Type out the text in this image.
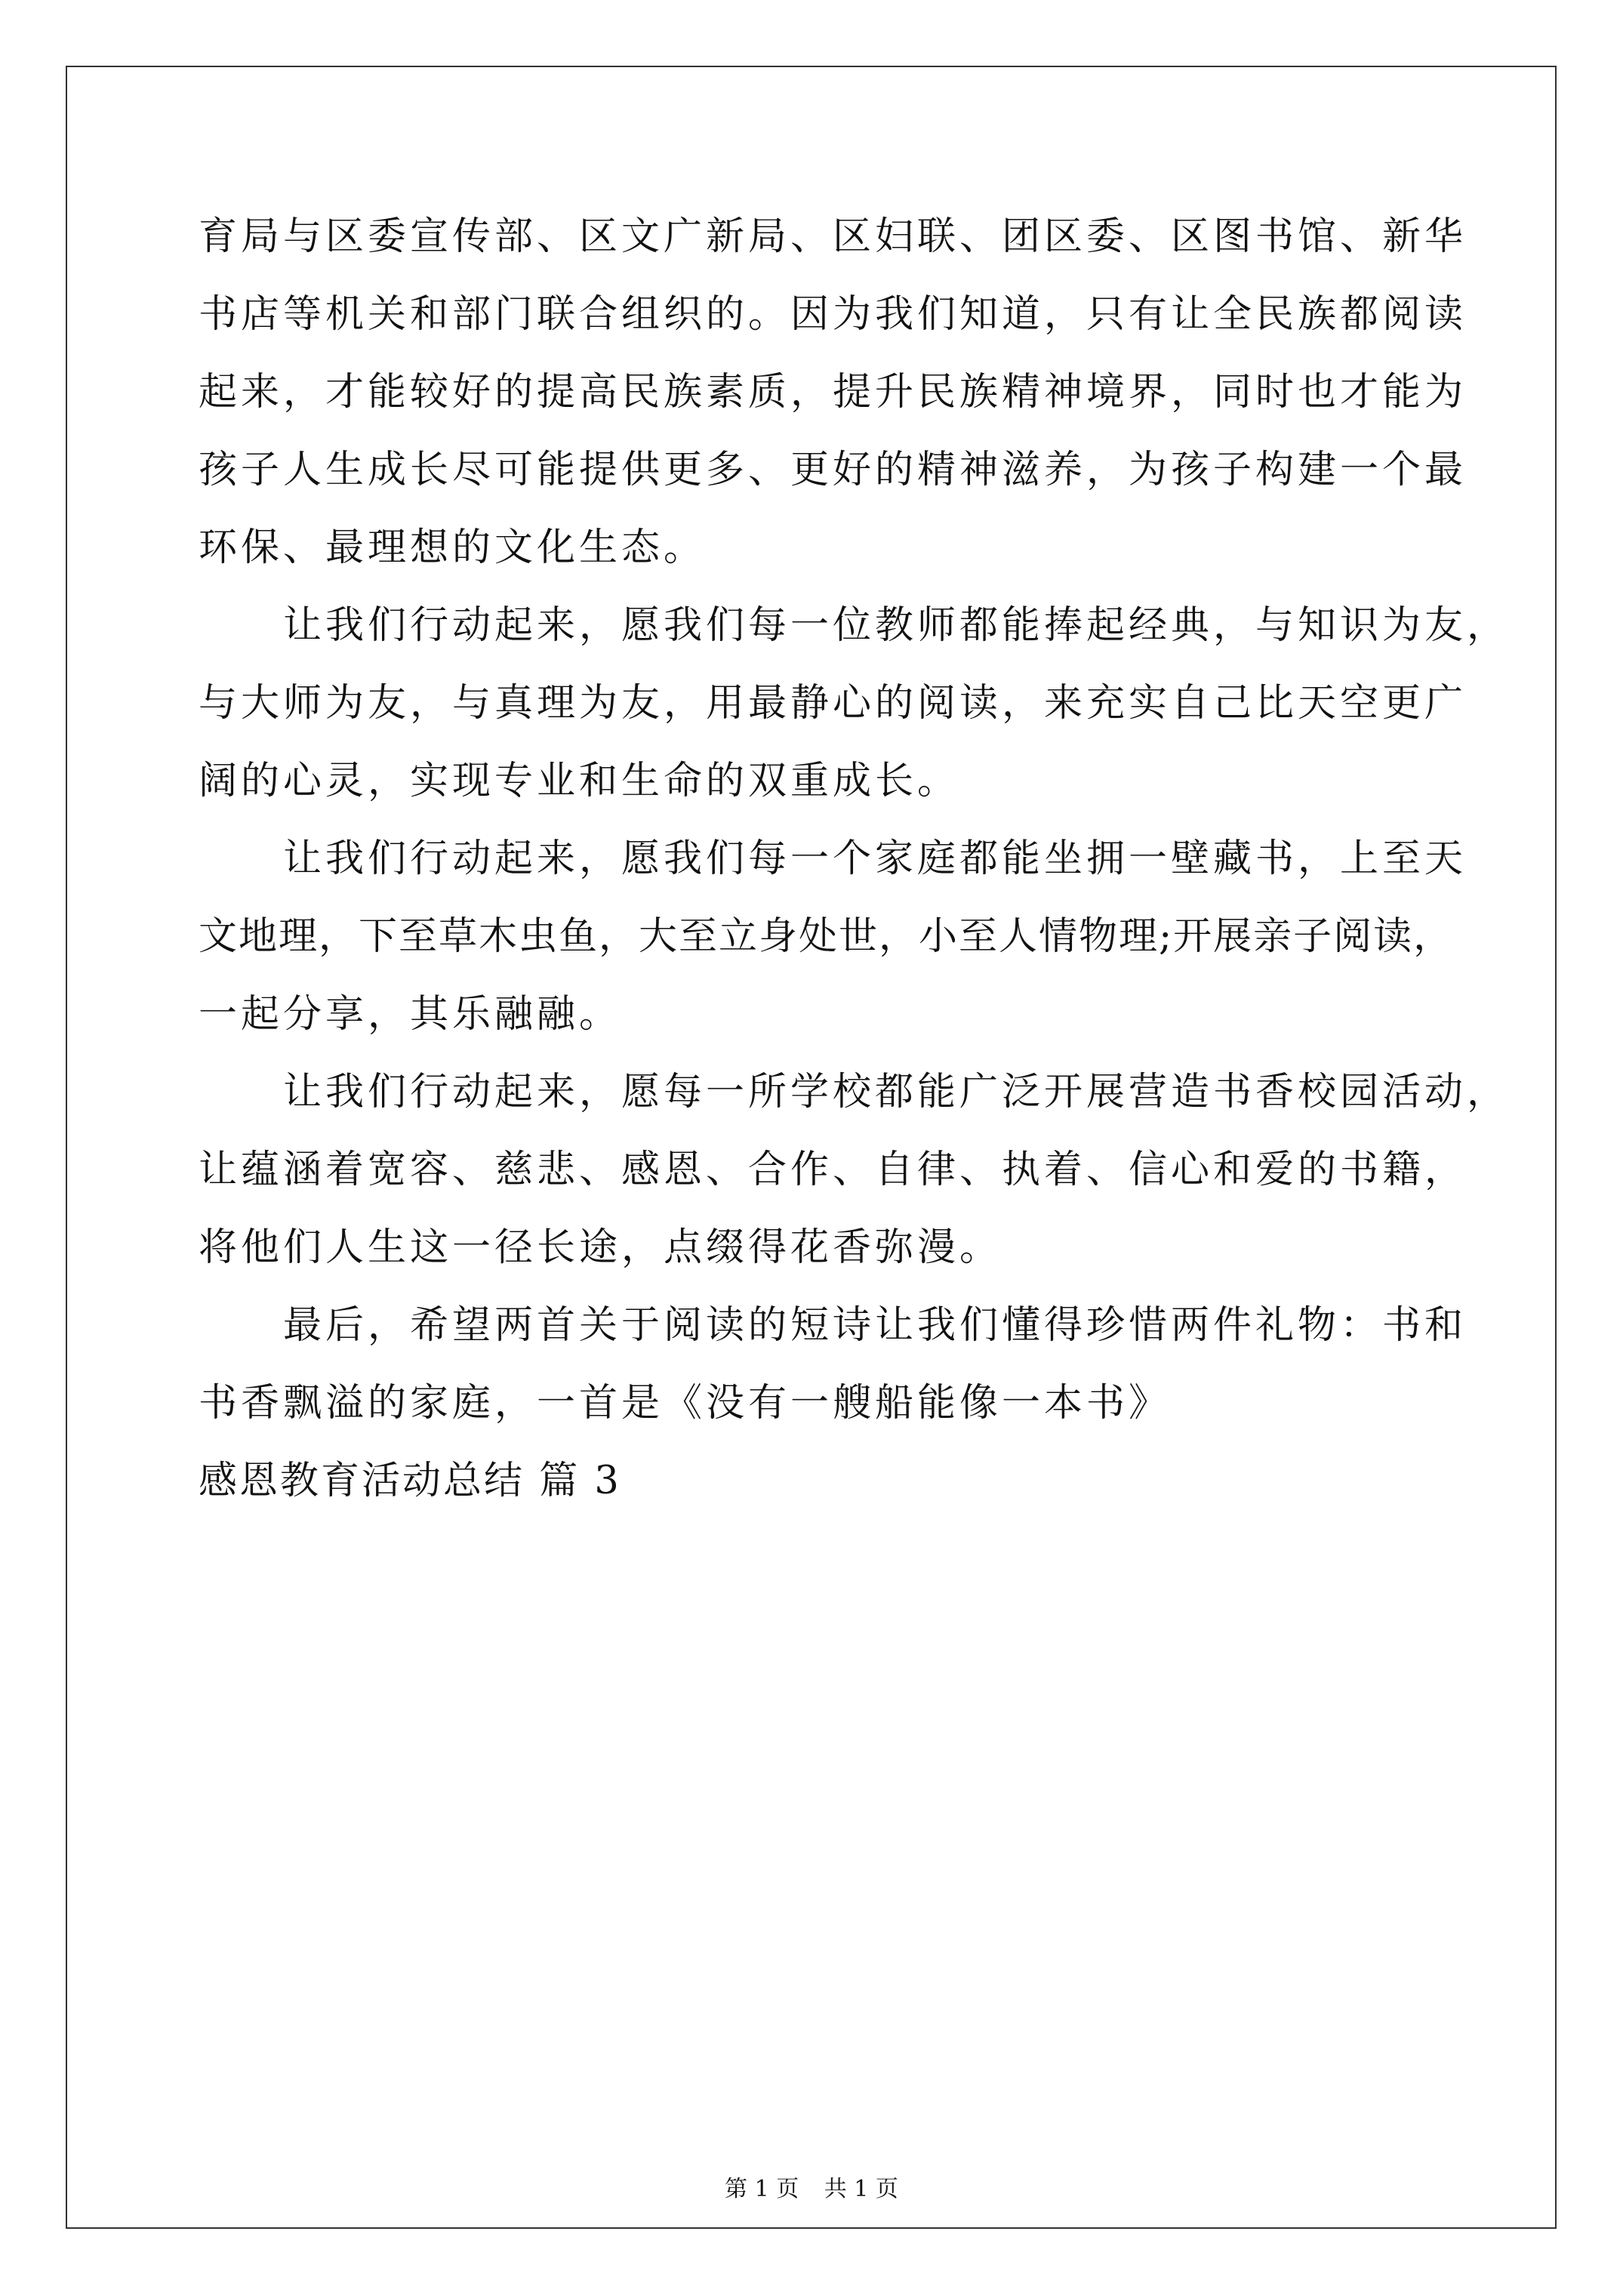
育局与区委宣传部、区文广新局、区妇联、团区委、区图书馆、新华
书店等机关和部门联合组织的。因为我们知道，只有让全民族都阅读
起来，才能较好的提高民族素质，提升民族精神境界，同时也才能为
孩子人生成长尽可能提供更多、更好的精神滋养，为孩子构建一个最
环保、最理想的文化生态。
让我们行动起来，愿我们每一位教师都能捧起经典，与知识为友，
与大师为友，与真理为友，用最静心的阅读，来充实自己比天空更广
阔的心灵，实现专业和生命的双重成长。
让我们行动起来，愿我们每一个家庭都能坐拥一壁藏书，上至天
文地理，下至草木虫鱼，大至立身处世，小至人情物理;开展亲子阅读，
一起分享，其乐融融。
让我们行动起来，愿每一所学校都能广泛开展营造书香校园活动，
让蕴涵着宽容、慈悲、感恩、合作、自律、执着、信心和爱的书籍，
将他们人生这一径长途，点缀得花香弥漫。
最后，希望两首关于阅读的短诗让我们懂得珍惜两件礼物：书和
书香飘溢的家庭，一首是《没有一艘船能像一本书》
感恩教育活动总结 篇 3
第 1 页 共 1 页
